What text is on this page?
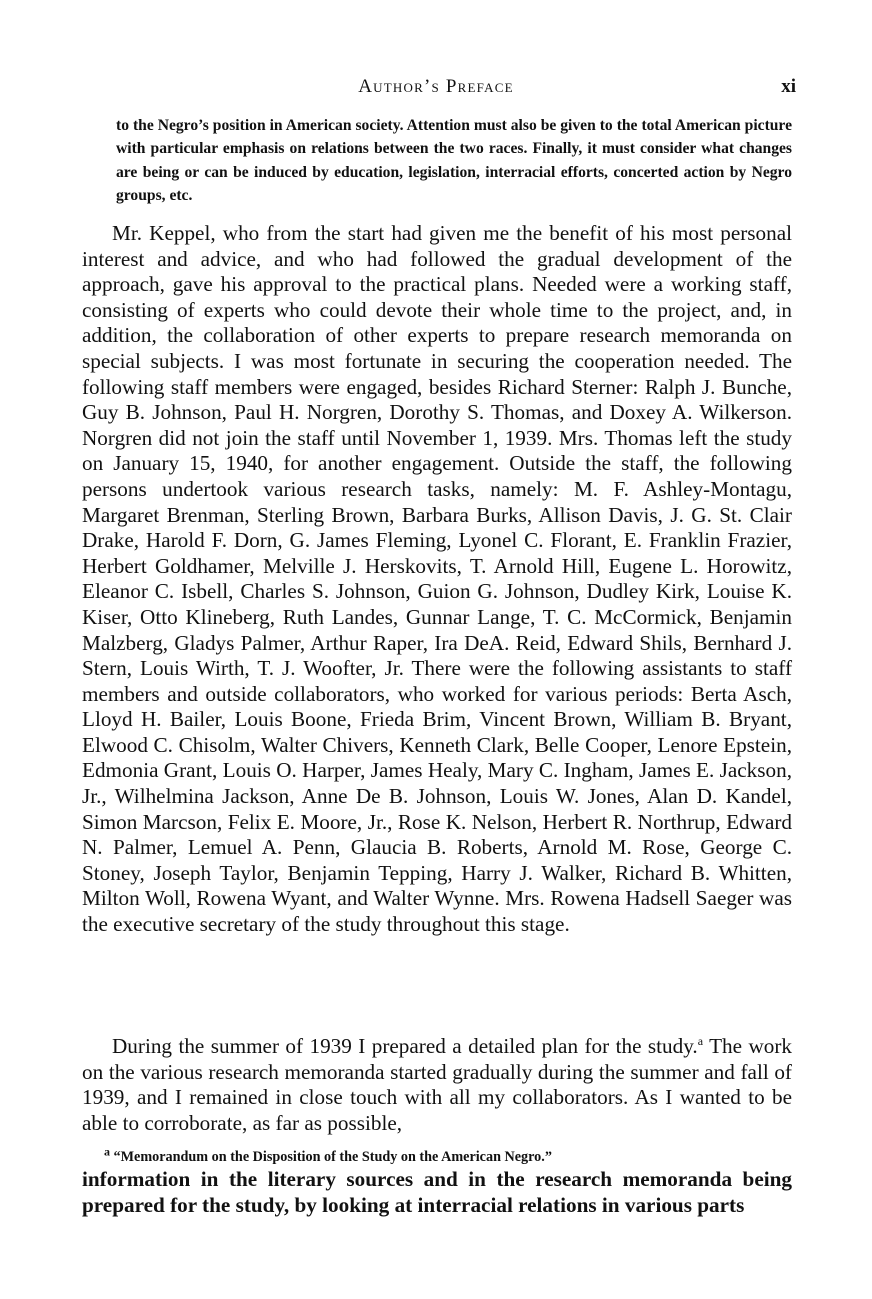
Author’s Preface	xi
to the Negro’s position in American society. Attention must also be given to the total American picture with particular emphasis on relations between the two races. Finally, it must consider what changes are being or can be induced by education, legislation, interracial efforts, concerted action by Negro groups, etc.

Mr. Keppel, who from the start had given me the benefit of his most personal interest and advice, and who had followed the gradual development of the approach, gave his approval to the practical plans. Needed were a working staff, consisting of experts who could devote their whole time to the project, and, in addition, the collaboration of other experts to prepare research memoranda on special subjects. I was most fortunate in securing the cooperation needed. The following staff members were engaged, besides Richard Sterner: Ralph J. Bunche, Guy B. Johnson, Paul H. Norgren, Dorothy S. Thomas, and Doxey A. Wilkerson. Norgren did not join the staff until November 1, 1939. Mrs. Thomas left the study on January 15, 1940, for another engagement. Outside the staff, the following persons undertook various research tasks, namely: M. F. Ashley-Montagu, Margaret Brenman, Sterling Brown, Barbara Burks, Allison Davis, J. G. St. Clair Drake, Harold F. Dorn, G. James Fleming, Lyonel C. Florant, E. Franklin Frazier, Herbert Goldhamer, Melville J. Herskovits, T. Arnold Hill, Eugene L. Horowitz, Eleanor C. Isbell, Charles S. Johnson, Guion G. Johnson, Dudley Kirk, Louise K. Kiser, Otto Klineberg, Ruth Landes, Gunnar Lange, T. C. McCormick, Benjamin Malzberg, Gladys Palmer, Arthur Raper, Ira DeA. Reid, Edward Shils, Bernhard J. Stern, Louis Wirth, T. J. Woofter, Jr. There were the following assistants to staff members and outside collaborators, who worked for various periods: Berta Asch, Lloyd H. Bailer, Louis Boone, Frieda Brim, Vincent Brown, William B. Bryant, Elwood C. Chisolm, Walter Chivers, Kenneth Clark, Belle Cooper, Lenore Epstein, Edmonia Grant, Louis O. Harper, James Healy, Mary C. Ingham, James E. Jackson, Jr., Wilhelmina Jackson, Anne De B. Johnson, Louis W. Jones, Alan D. Kandel, Simon Marcson, Felix E. Moore, Jr., Rose K. Nelson, Herbert R. Northrup, Edward N. Palmer, Lemuel A. Penn, Glaucia B. Roberts, Arnold M. Rose, George C. Stoney, Joseph Taylor, Benjamin Tepping, Harry J. Walker, Richard B. Whitten, Milton Woll, Rowena Wyant, and Walter Wynne. Mrs. Rowena Hadsell Saeger was the executive secretary of the study throughout this stage.

During the summer of 1939 I prepared a detailed plan for the study.$^a$ The work on the various research memoranda started gradually during the summer and fall of 1939, and I remained in close touch with all my collaborators. As I wanted to be able to corroborate, as far as possible,

$^a$ “Memorandum on the Disposition of the Study on the American Negro.”
information in the literary sources and in the research memoranda being prepared for the study, by looking at interracial relations in various parts
